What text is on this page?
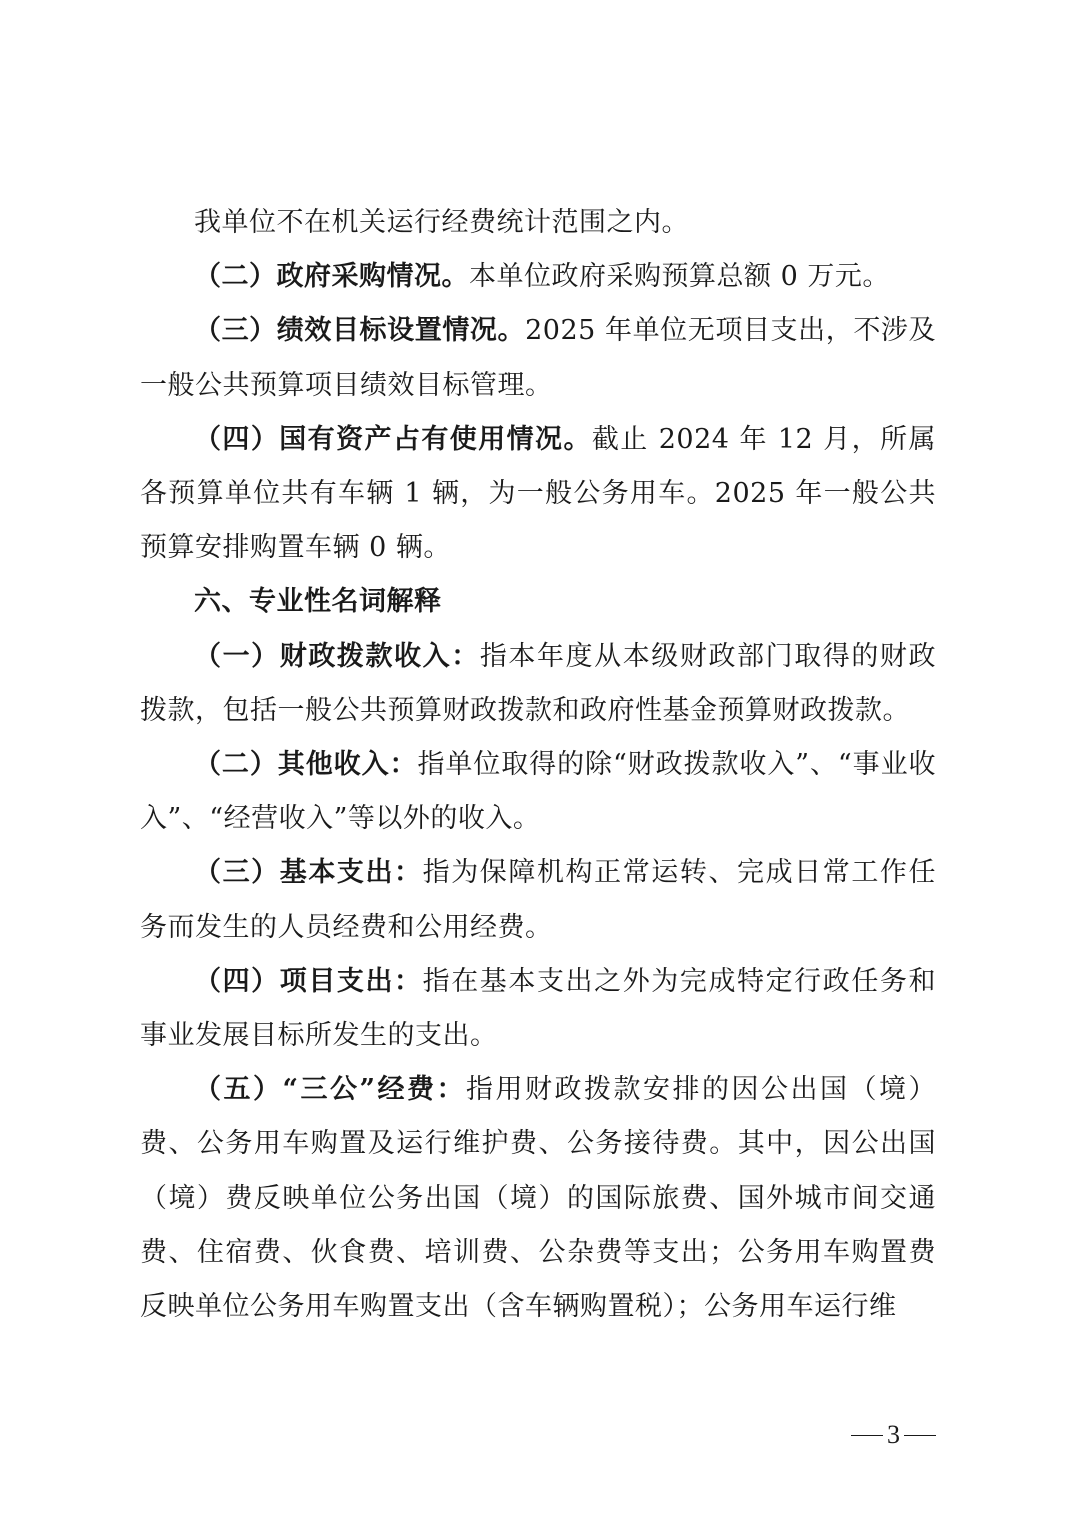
我单位不在机关运行经费统计范围之内。

（二）政府采购情况。本单位政府采购预算总额 0 万元。

（三）绩效目标设置情况。2025 年单位无项目支出，不涉及一般公共预算项目绩效目标管理。

（四）国有资产占有使用情况。截止 2024 年 12 月，所属各预算单位共有车辆 1 辆，为一般公务用车。2025 年一般公共预算安排购置车辆 0 辆。

六、专业性名词解释

（一）财政拨款收入：指本年度从本级财政部门取得的财政拨款，包括一般公共预算财政拨款和政府性基金预算财政拨款。

（二）其他收入：指单位取得的除“财政拨款收入”、“事业收入”、“经营收入”等以外的收入。

（三）基本支出：指为保障机构正常运转、完成日常工作任务而发生的人员经费和公用经费。

（四）项目支出：指在基本支出之外为完成特定行政任务和事业发展目标所发生的支出。

（五）“三公”经费：指用财政拨款安排的因公出国（境）费、公务用车购置及运行维护费、公务接待费。其中，因公出国（境）费反映单位公务出国（境）的国际旅费、国外城市间交通费、住宿费、伙食费、培训费、公杂费等支出；公务用车购置费反映单位公务用车购置支出（含车辆购置税）；公务用车运行维

3
